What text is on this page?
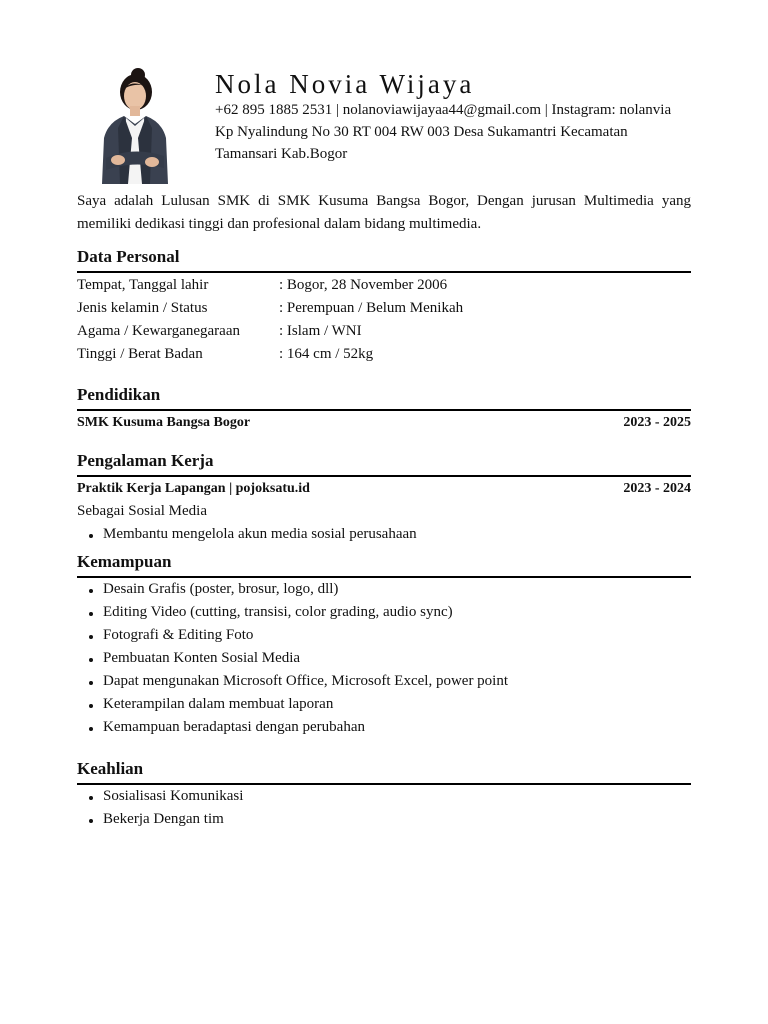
Nola Novia Wijaya
+62 895 1885 2531 | nolanoviawijayaa44@gmail.com | Instagram: nolanvia
Kp Nyalindung No 30 RT 004 RW 003 Desa Sukamantri Kecamatan Tamansari Kab.Bogor
Saya adalah Lulusan SMK di SMK Kusuma Bangsa Bogor, Dengan jurusan Multimedia yang memiliki dedikasi tinggi dan profesional dalam bidang multimedia.
Data Personal
Tempat, Tanggal lahir	: Bogor, 28 November 2006
Jenis kelamin / Status	: Perempuan / Belum Menikah
Agama / Kewarganegaraan	: Islam / WNI
Tinggi / Berat Badan	: 164 cm / 52kg
Pendidikan
SMK Kusuma Bangsa Bogor	2023 - 2025
Pengalaman Kerja
Praktik Kerja Lapangan | pojoksatu.id	2023 - 2024
Sebagai Sosial Media
Membantu mengelola akun media sosial perusahaan
Kemampuan
Desain Grafis (poster, brosur, logo, dll)
Editing Video (cutting, transisi, color grading, audio sync)
Fotografi & Editing Foto
Pembuatan Konten Sosial Media
Dapat mengunakan Microsoft Office, Microsoft Excel, power point
Keterampilan dalam membuat laporan
Kemampuan beradaptasi dengan perubahan
Keahlian
Sosialisasi Komunikasi
Bekerja Dengan tim
